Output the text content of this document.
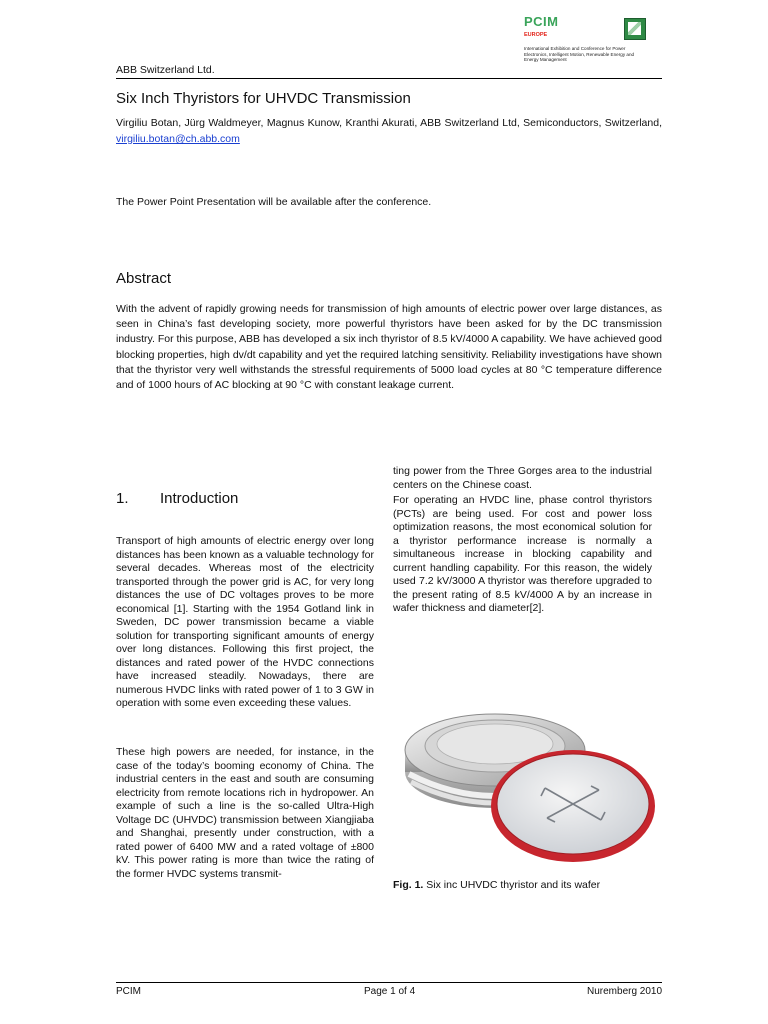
ABB Switzerland Ltd.
PCIM
EUROPE
International Exhibition and Conference for Power Electronics, Intelligent Motion, Renewable Energy and Energy Management
Six Inch Thyristors for UHVDC Transmission
Virgiliu Botan, Jürg Waldmeyer, Magnus Kunow, Kranthi Akurati, ABB Switzerland Ltd, Semiconductors, Switzerland, virgiliu.botan@ch.abb.com
The Power Point Presentation will be available after the conference.
Abstract

With the advent of rapidly growing needs for transmission of high amounts of electric power over large distances, as seen in China’s fast developing society, more powerful thyristors have been asked for by the DC transmission industry. For this purpose, ABB has developed a six inch thyristor of 8.5 kV/4000 A capability. We have achieved good blocking properties, high dv/dt capability and yet the required latching sensitivity. Reliability investigations have shown that the thyristor very well withstands the stressful requirements of 5000 load cycles at 80 °C temperature difference and of 1000 hours of AC blocking at 90 °C with constant leakage current.

1. Introduction

Transport of high amounts of electric energy over long distances has been known as a valuable technology for several decades. Whereas most of the electricity transported through the power grid is AC, for very long distances the use of DC voltages proves to be more economical [1]. Starting with the 1954 Gotland link in Sweden, DC power transmission became a viable solution for transporting significant amounts of energy over long distances. Following this first project, the distances and rated power of the HVDC connections have increased steadily. Nowadays, there are numerous HVDC links with rated power of 1 to 3 GW in operation with some even exceeding these values.

These high powers are needed, for instance, in the case of the today’s booming economy of China. The industrial centers in the east and south are consuming electricity from remote locations rich in hydropower. An example of such a line is the so-called Ultra-High Voltage DC (UHVDC) transmission between Xiangjiaba and Shanghai, presently under construction, with a rated power of 6400 MW and a rated voltage of ±800 kV. This power rating is more than twice the rating of the former HVDC systems transmit-

ting power from the Three Gorges area to the industrial centers on the Chinese coast.

For operating an HVDC line, phase control thyristors (PCTs) are being used. For cost and power loss optimization reasons, the most economical solution for a thyristor performance increase is normally a simultaneous increase in blocking capability and current handling capability. For this reason, the widely used 7.2 kV/3000 A thyristor was therefore upgraded to the present rating of 8.5 kV/4000 A by an increase in wafer thickness and diameter[2].

Fig. 1. Six inc UHVDC thyristor and its wafer
PCIM	Page 1 of 4	Nuremberg 2010
